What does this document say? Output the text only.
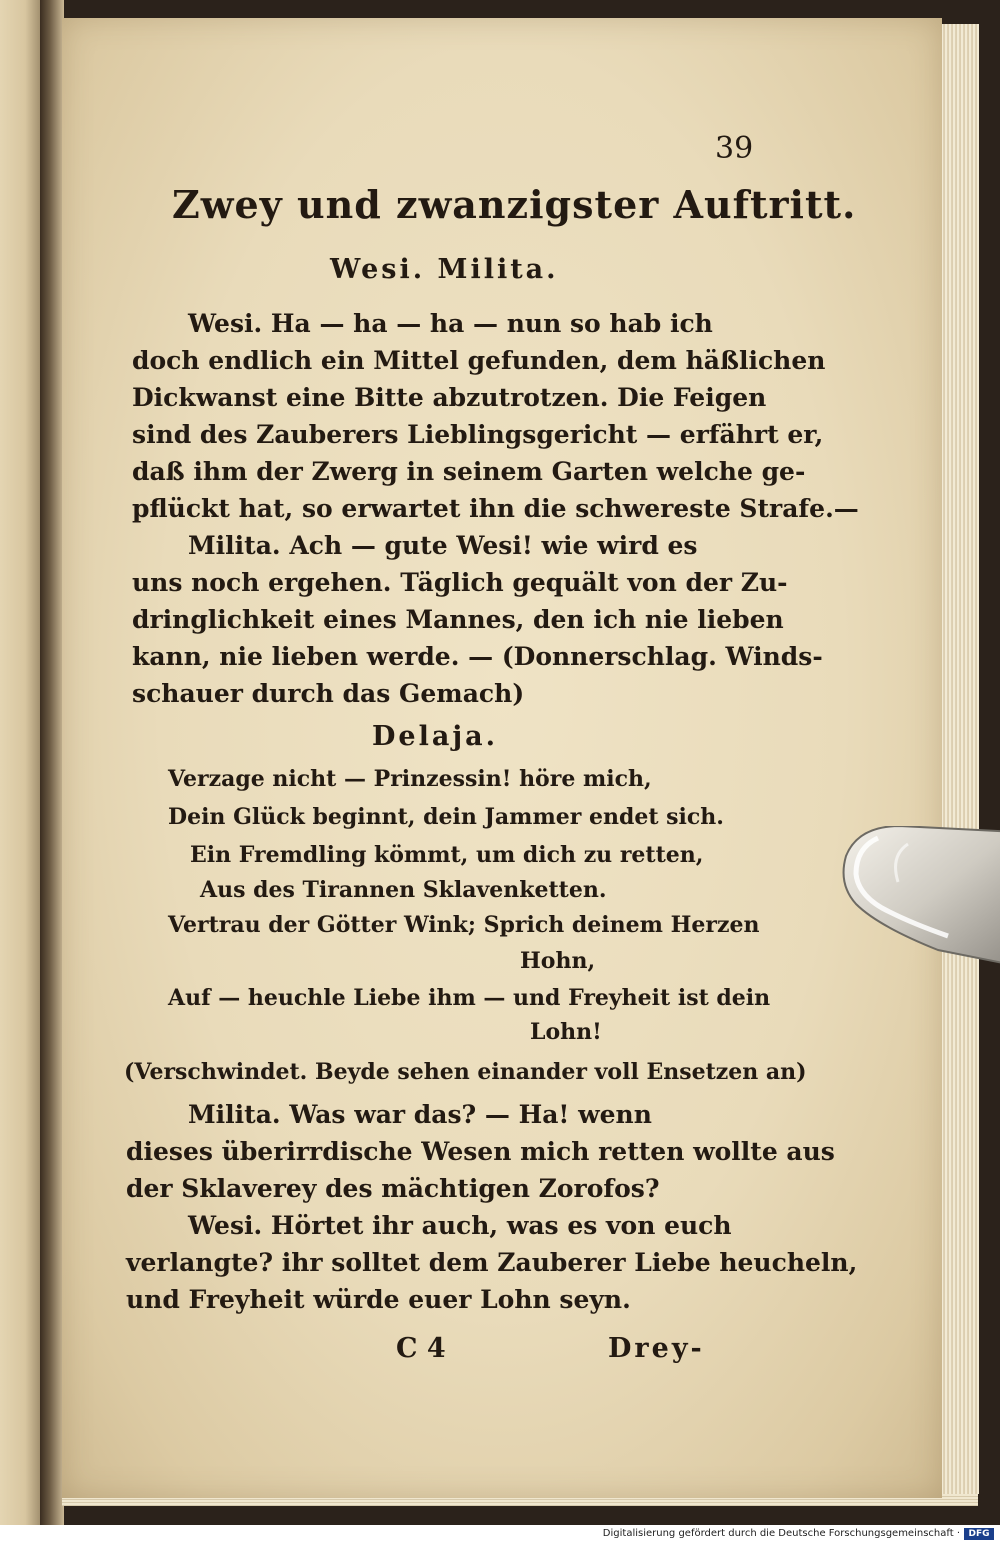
39
Zwey und zwanzigster Auftritt.
Wesi. Milita.
Wesi. Ha — ha — ha — nun so hab ich
doch endlich ein Mittel gefunden, dem häßlichen
Dickwanst eine Bitte abzutrotzen. Die Feigen
sind des Zauberers Lieblingsgericht — erfährt er,
daß ihm der Zwerg in seinem Garten welche ge-
pflückt hat, so erwartet ihn die schwereste Strafe.—
Milita. Ach — gute Wesi! wie wird es
uns noch ergehen. Täglich gequält von der Zu-
dringlichkeit eines Mannes, den ich nie lieben
kann, nie lieben werde. — (Donnerschlag. Winds-
schauer durch das Gemach)
Delaja.
Verzage nicht — Prinzessin! höre mich,
Dein Glück beginnt, dein Jammer endet sich.
Ein Fremdling kömmt, um dich zu retten,
Aus des Tirannen Sklavenketten.
Vertrau der Götter Wink; Sprich deinem Herzen
Hohn,
Auf — heuchle Liebe ihm — und Freyheit ist dein
Lohn!
(Verschwindet. Beyde sehen einander voll Ensetzen an)
Milita. Was war das? — Ha! wenn
dieses überirrdische Wesen mich retten wollte aus
der Sklaverey des mächtigen Zorofos?
Wesi. Hörtet ihr auch, was es von euch
verlangte? ihr solltet dem Zauberer Liebe heucheln,
und Freyheit würde euer Lohn seyn.
C 4	Drey-
Digitalisierung gefördert durch die Deutsche Forschungsgemeinschaft · DFG
